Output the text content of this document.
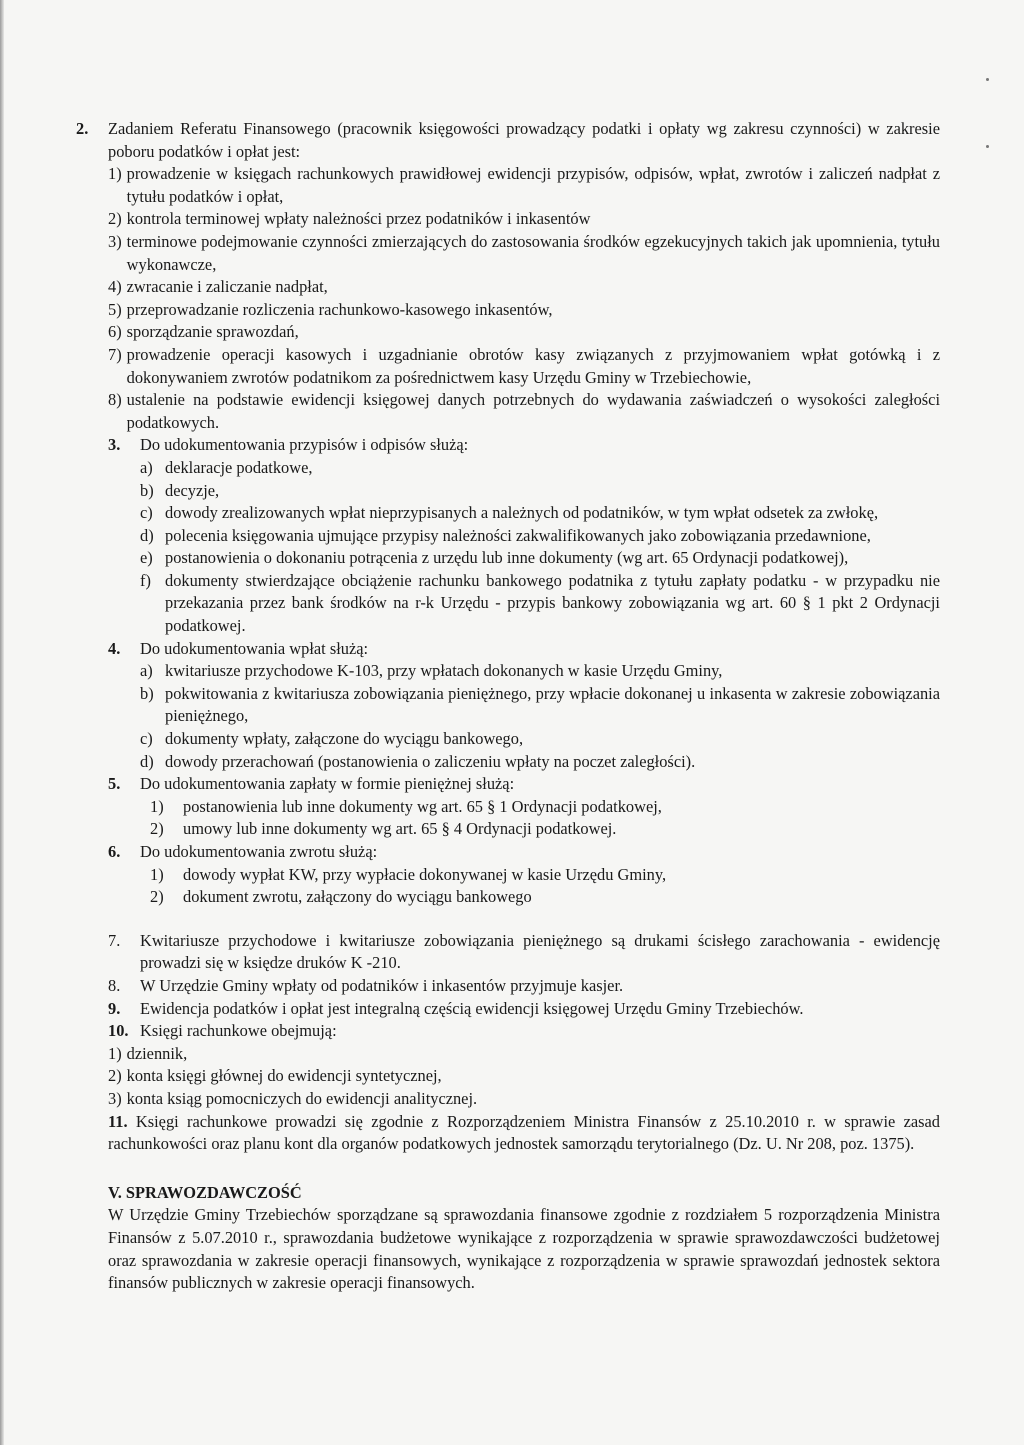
2.	Zadaniem Referatu Finansowego (pracownik księgowości prowadzący podatki i opłaty wg zakresu czynności) w zakresie poboru podatków i opłat jest:
1) prowadzenie w księgach rachunkowych prawidłowej ewidencji przypisów, odpisów, wpłat, zwrotów i zaliczeń nadpłat z tytułu podatków i opłat,
2) kontrola terminowej wpłaty należności przez podatników i inkasentów
3) terminowe podejmowanie czynności zmierzających do zastosowania środków egzekucyjnych takich jak upomnienia, tytułu wykonawcze,
4) zwracanie i zaliczanie nadpłat,
5) przeprowadzanie rozliczenia rachunkowo-kasowego inkasentów,
6) sporządzanie sprawozdań,
7) prowadzenie operacji kasowych i uzgadnianie obrotów kasy związanych z przyjmowaniem wpłat gotówką i z dokonywaniem zwrotów podatnikom za pośrednictwem kasy Urzędu Gminy w Trzebiechowie,
8) ustalenie na podstawie ewidencji księgowej danych potrzebnych do wydawania zaświadczeń o wysokości zaległości podatkowych.
3.	Do udokumentowania przypisów i odpisów służą:
a) deklaracje podatkowe,
b) decyzje,
c) dowody zrealizowanych wpłat nieprzypisanych a należnych od podatników, w tym wpłat odsetek za zwłokę,
d) polecenia księgowania ujmujące przypisy należności zakwalifikowanych jako zobowiązania przedawnione,
e) postanowienia o dokonaniu potrącenia z urzędu lub inne dokumenty (wg art. 65 Ordynacji podatkowej),
f) dokumenty stwierdzające obciążenie rachunku bankowego podatnika z tytułu zapłaty podatku - w przypadku nie przekazania przez bank środków na r-k Urzędu - przypis bankowy zobowiązania wg art. 60 § 1 pkt 2 Ordynacji podatkowej.
4.	Do udokumentowania wpłat służą:
a) kwitariusze przychodowe K-103, przy wpłatach dokonanych w kasie Urzędu Gminy,
b) pokwitowania z kwitariusza zobowiązania pieniężnego, przy wpłacie dokonanej u inkasenta w zakresie zobowiązania pieniężnego,
c) dokumenty wpłaty, załączone do wyciągu bankowego,
d) dowody przerachowań (postanowienia o zaliczeniu wpłaty na poczet zaległości).
5.	Do udokumentowania zapłaty w formie pieniężnej służą:
1)	postanowienia lub inne dokumenty wg art. 65 § 1 Ordynacji podatkowej,
2)	umowy lub inne dokumenty wg art. 65 § 4 Ordynacji podatkowej.
6.	Do udokumentowania zwrotu służą:
1)	dowody wypłat KW, przy wypłacie dokonywanej w kasie Urzędu Gminy,
2)	dokument zwrotu, załączony do wyciągu bankowego
7.	Kwitariusze przychodowe i kwitariusze zobowiązania pieniężnego są drukami ścisłego zarachowania - ewidencję prowadzi się w księdze druków K -210.
8.	W Urzędzie Gminy wpłaty od podatników i inkasentów przyjmuje kasjer.
9.	Ewidencja podatków i opłat jest integralną częścią ewidencji księgowej Urzędu Gminy Trzebiechów.
10. Księgi rachunkowe obejmują:
1) dziennik,
2) konta księgi głównej do ewidencji syntetycznej,
3) konta ksiąg pomocniczych do ewidencji analitycznej.

11. Księgi rachunkowe prowadzi się zgodnie z Rozporządzeniem Ministra Finansów z 25.10.2010 r. w sprawie zasad rachunkowości oraz planu kont dla organów podatkowych jednostek samorządu terytorialnego (Dz. U. Nr 208, poz. 1375).

V. SPRAWOZDAWCZOŚĆ

W Urzędzie Gminy Trzebiechów sporządzane są sprawozdania finansowe zgodnie z rozdziałem 5 rozporządzenia Ministra Finansów z 5.07.2010 r., sprawozdania budżetowe wynikające z rozporządzenia w sprawie sprawozdawczości budżetowej oraz sprawozdania w zakresie operacji finansowych, wynikające z rozporządzenia w sprawie sprawozdań jednostek sektora finansów publicznych w zakresie operacji finansowych.
